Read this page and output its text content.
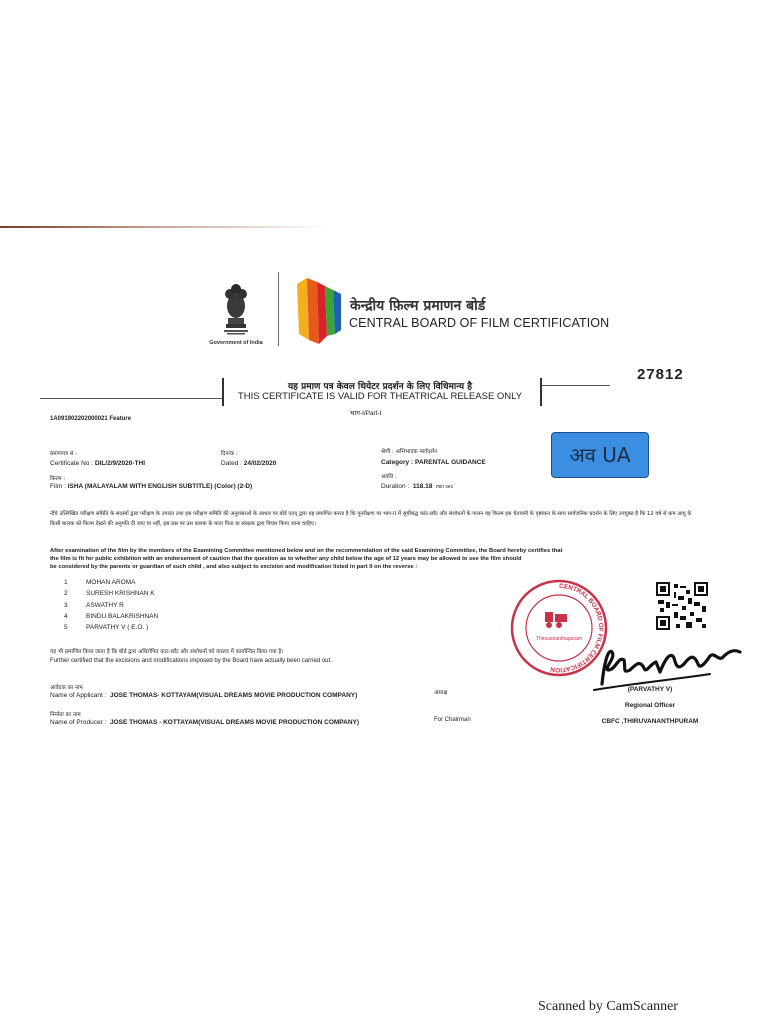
Government of India
केन्द्रीय फ़िल्म प्रमाणन बोर्ड
CENTRAL BOARD OF FILM CERTIFICATION
27812
यह प्रमाण पत्र केवल थियेटर प्रदर्शन के लिए विधिमान्य है
THIS CERTIFICATE IS VALID FOR THEATRICAL RELEASE ONLY
भाग-I/Part-I
1A091902202000021 Feature
प्रमाणपत्र सं :
Certificate No : DIL/2/9/2020-THI
दिनांक :
Dated : 24/02/2020
श्रेणी : अभिभावक मार्गदर्शन
Category : PARENTAL GUIDANCE	अव UA
फ़िल्म :
Film : ISHA (MALAYALAM WITH ENGLISH SUBTITLE) (Color) (2-D)
अवधि :
Duration : 118.18 min sec
नीचे उल्लिखित परीक्षण समिति के सदस्यों द्वारा परीक्षण के उपरांत तथा इस परीक्षण समिति की अनुशंसाओं के आधार पर बोर्ड एतद् द्वारा यह प्रमाणित करता है कि पुनरीक्षण पर भाग-II में सूचीबद्ध कांट-छाँट और संशोधनों के पालन यह फिल्म इस चेतावनी के पृष्ठांकन के साथ सार्वजनिक प्रदर्शन के लिए उपयुक्त है कि 12 वर्ष से कम आयु के किसी बालक को फिल्म देखने की अनुमति दी जाए या नहीं, इस प्रश्न पर उस बालक के माता पिता या संरक्षक द्वारा विचार किया जाना चाहिए।
After examination of the film by the members of the Examining Committee mentioned below and on the recommendation of the said Examining Committee, the Board hereby certifies that
the film is fit for public exhibition with an endorsement of caution that the question as to whether any child below the age of 12 years may be allowed to see the film should
be considered by the parents or guardian of such child , and also subject to excision and modification listed in part II on the reverse :
1	MOHAN AROMA
2	SURESH KRISHNAN K
3	ASWATHY R
4	BINDU BALAKRISHNAN
5	PARVATHY V ( E.O. )
यह भी प्रमाणित किया जाता है कि बोर्ड द्वारा अधिरोपित काट-छाँट और संशोधनों को वास्तव में कार्यान्वित किया गया है।
Further certified that the excisions and modifications imposed by the Board have actually been carried out.
आवेदक का नाम
Name of Applicant : JOSE THOMAS- KOTTAYAM(VISUAL DREAMS MOVIE PRODUCTION COMPANY)	अध्यक्ष
निर्माता का नाम
Name of Producer : JOSE THOMAS - KOTTAYAM(VISUAL DREAMS MOVIE PRODUCTION COMPANY)	For Chairman
CENTRAL BOARD OF FILM CERTIFICATION
Thiruvananthapuram
(PARVATHY V)
Regional Officer
CBFC ,THIRUVANANTHPURAM
Scanned by CamScanner
